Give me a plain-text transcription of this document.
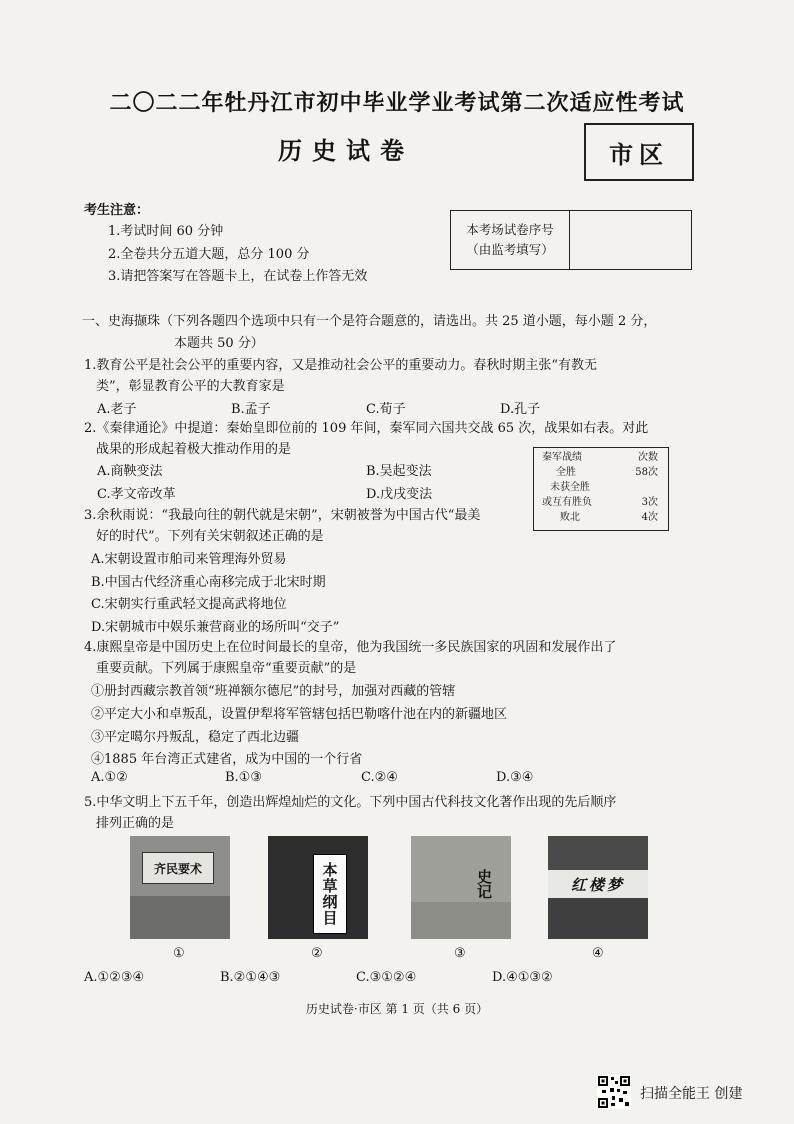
二〇二二年牡丹江市初中毕业学业考试第二次适应性考试
历史试卷	市区
考生注意：
1.考试时间 60 分钟
2.全卷共分五道大题，总分 100 分
3.请把答案写在答题卡上，在试卷上作答无效
本考场试卷序号
（由监考填写）
一、史海撷珠（下列各题四个选项中只有一个是符合题意的，请选出。共 25 道小题，每小题 2 分，
本题共 50 分）
1.教育公平是社会公平的重要内容，又是推动社会公平的重要动力。春秋时期主张“有教无
类”，彰显教育公平的大教育家是
A.老子	B.孟子	C.荀子	D.孔子
2.《秦律通论》中提道：秦始皇即位前的 109 年间，秦军同六国共交战 65 次，战果如右表。对此
战果的形成起着极大推动作用的是
A.商鞅变法	B.吴起变法
C.孝文帝改革	D.戊戌变法
秦军战绩	次数
全胜	58次
未获全胜
或互有胜负	3次
败北	4次
3.余秋雨说：“我最向往的朝代就是宋朝”，宋朝被誉为中国古代“最美
好的时代”。下列有关宋朝叙述正确的是
A.宋朝设置市舶司来管理海外贸易
B.中国古代经济重心南移完成于北宋时期
C.宋朝实行重武轻文提高武将地位
D.宋朝城市中娱乐兼营商业的场所叫“交子”
4.康熙皇帝是中国历史上在位时间最长的皇帝，他为我国统一多民族国家的巩固和发展作出了
重要贡献。下列属于康熙皇帝“重要贡献”的是
①册封西藏宗教首领“班禅额尔德尼”的封号，加强对西藏的管辖
②平定大小和卓叛乱，设置伊犁将军管辖包括巴勒喀什池在内的新疆地区
③平定噶尔丹叛乱，稳定了西北边疆
④1885 年台湾正式建省，成为中国的一个行省
A.①②	B.①③	C.②④	D.③④
5.中华文明上下五千年，创造出辉煌灿烂的文化。下列中国古代科技文化著作出现的先后顺序
排列正确的是
齐民要术	本草纲目	史记	红楼梦
①	②	③	④
A.①②③④	B.②①④③	C.③①②④	D.④①③②
历史试卷·市区 第 1 页（共 6 页）
扫描全能王 创建
